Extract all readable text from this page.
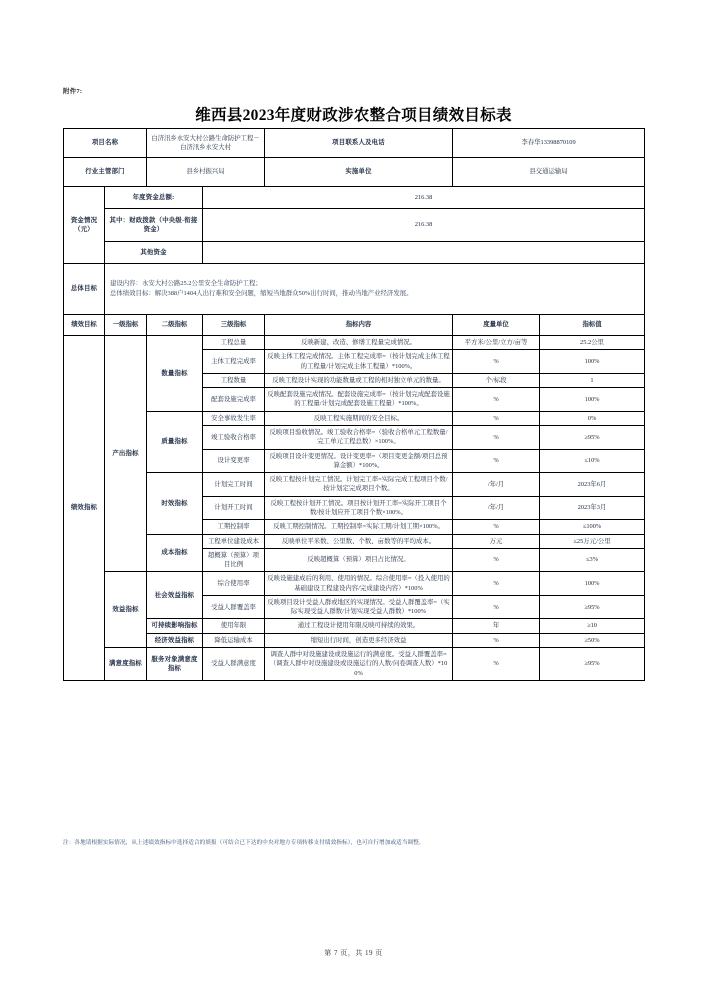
附件7:
维西县2023年度财政涉农整合项目绩效目标表
项目名称		白济汛乡永安大村公路生命防护工程－白济汛乡永安大村		项目联系人及电话	李春华13398870109	
行业主管部门		县乡村振兴局		实施单位	县交通运输局	
资金情况（元）	年度资金总额:		216.38			
	其中：财政拨款（中央级-衔接资金）		216.38			
	其他资金					
总体目标	建设内容：永安大村公路25.2公里安全生命防护工程；
总体绩效目标：解决388户1404人出行难和安全问题，缩短当地群众50%出行时间，推动当地产业经济发展。					

绩效目标	一级指标	二级指标	三级指标	指标内容	度量单位	指标值
绩效指标	产出指标	数量指标	工程总量	反映新建、改造、修缮工程量完成情况。	平方米/公里/立方/亩等	25.2公里
			主体工程完成率	反映主体工程完成情况。主体工程完成率=（按计划完成主体工程的工程量/计划完成主体工程量）*100%。	%	100%
			工程数量	反映工程设计实现的功能数量或工程的相对独立单元的数量。	个/标段	1
			配套设施完成率	反映配套设施完成情况。配套设施完成率=（按计划完成配套设施的工程量/计划完成配套设施工程量）*100%。	%	100%
		质量指标	安全事故发生率	反映工程实施期间的安全目标。	%	0%
			竣工验收合格率	反映项目验收情况。竣工验收合格率=（验收合格单元工程数量/完工单元工程总数）×100%。	%	≥95%
			设计变更率	反映项目设计变更情况。设计变更率=（项目变更金额/项目总预算金额）*100%。	%	≤10%
		时效指标	计划完工时间	反映工程按计划完工情况。计划完工率=实际完成工程项目个数/按计划定完成项目个数。	/年/月	2023年6月
			计划开工时间	反映工程按计划开工情况。项目按计划开工率=实际开工项目个数/按计划应开工项目个数×100%。	/年/月	2023年3月
			工期控制率	反映工期控制情况。工期控制率=实际工期/计划工期×100%。	%	≤100%
		成本指标	工程单位建设成本	反映单位平米数、公里数、个数、亩数等的平均成本。	万元	≤25万元/公里
			超概算（预算）项目比例	反映超概算（预算）项目占比情况。	%	≤3%
	效益指标	社会效益指标	综合使用率	反映设施建成后的利用、使用的情况。综合使用率=（投入使用的基础建设工程建设内容/完成建设内容）*100%	%	100%
			受益人群覆盖率	反映项目设计受益人群或地区的实现情况。受益人群覆盖率=（实际实现受益人群数/计划实现受益人群数）*100%	%	≥95%
		可持续影响指标	使用年限	通过工程设计使用年限反映可持续的效果。	年	≥10
		经济效益指标	降低运输成本	缩短出行时间，创造更多经济效益	%	≥50%
	满意度指标	服务对象满意度指标	受益人群满意度	调查人群中对设施建设或设施运行的满意度。受益人群覆盖率=（调查人群中对设施建设或设施运行的人数/问卷调查人数）*100%	%	≥95%
注：各地请根据实际情况，从上述绩效指标中选择适合的填报（可结合已下达的中央对地方专项转移支付绩效指标），也可自行增加或适当调整。
第 7 页，共 19 页
